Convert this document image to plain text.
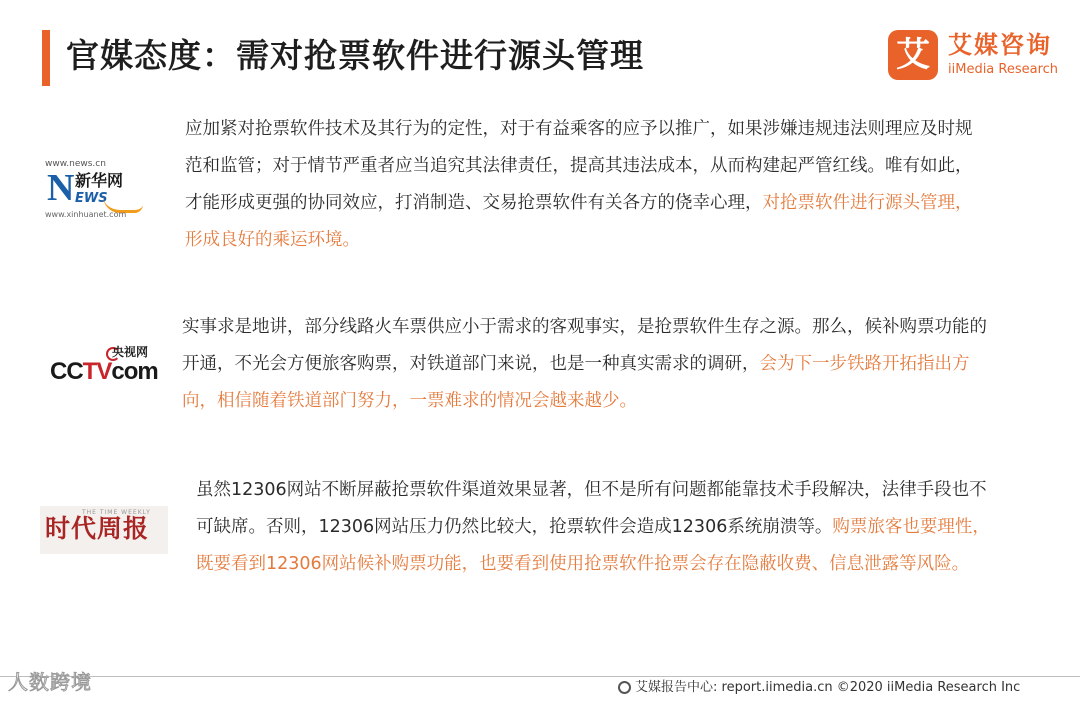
官媒态度：需对抢票软件进行源头管理	艾 艾媒咨询
iiMedia Research
www.news.cn
N 新华网
EWS
www.xinhuanet.com
应加紧对抢票软件技术及其行为的定性，对于有益乘客的应予以推广，如果涉嫌违规违法则理应及时规范和监管；对于情节严重者应当追究其法律责任，提高其违法成本，从而构建起严管红线。唯有如此，才能形成更强的协同效应，打消制造、交易抢票软件有关各方的侥幸心理，对抢票软件进行源头管理，形成良好的乘运环境。
央视网
CCTVcom
实事求是地讲，部分线路火车票供应小于需求的客观事实，是抢票软件生存之源。那么，候补购票功能的开通，不光会方便旅客购票，对铁道部门来说，也是一种真实需求的调研，会为下一步铁路开拓指出方向，相信随着铁道部门努力，一票难求的情况会越来越少。
THE TIME WEEKLY
时代周报
虽然12306网站不断屏蔽抢票软件渠道效果显著，但不是所有问题都能靠技术手段解决，法律手段也不可缺席。否则，12306网站压力仍然比较大，抢票软件会造成12306系统崩溃等。购票旅客也要理性，既要看到12306网站候补购票功能，也要看到使用抢票软件抢票会存在隐蔽收费、信息泄露等风险。
人数跨境	艾媒报告中心: report.iimedia.cn ©2020 iiMedia Research Inc
